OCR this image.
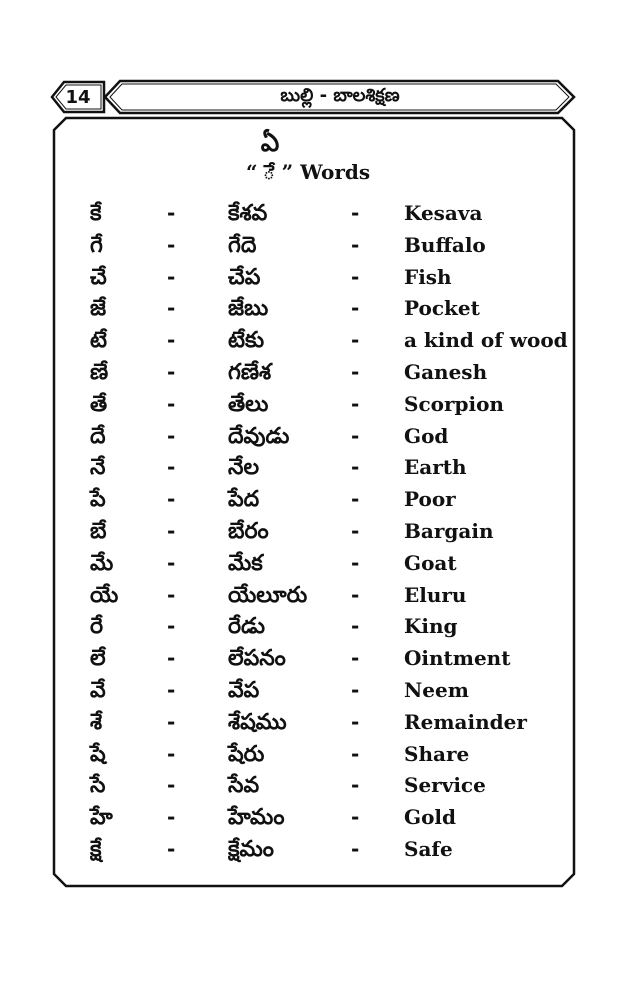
14	బుల్లి - బాలశిక్షణ
ఏ
“ ే ” Words
కే	- కేశవ	- Kesava
గే	- గేదె	- Buffalo
చే	- చేప	- Fish
జే	- జేబు	- Pocket
టే	- టేకు	- a kind of wood
ణే	- గణేశ	- Ganesh
తే	- తేలు	- Scorpion
దే	- దేవుడు	- God
నే	- నేల	- Earth
పే	- పేద	- Poor
బే	- బేరం	- Bargain
మే	- మేక	- Goat
యే - యేలూరు - Eluru
రే	- రేడు	- King
లే	- లేపనం	- Ointment
వే	- వేప	- Neem
శే	- శేషము	- Remainder
షే	- షేరు	- Share
సే	- సేవ	- Service
హే	- హేమం	- Gold
క్షే	- క్షేమం	- Safe
